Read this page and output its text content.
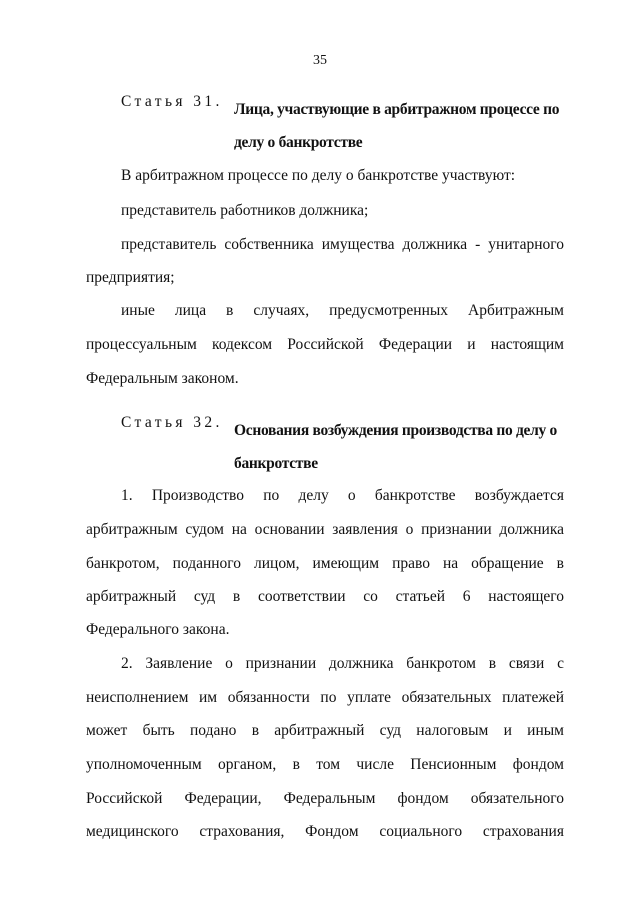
35
Статья 31. Лица, участвующие в арбитражном процессе по делу о банкротстве
В арбитражном процессе по делу о банкротстве участвуют:
представитель работников должника;
представитель собственника имущества должника - унитарного
предприятия;
иные лица в случаях, предусмотренных Арбитражным
процессуальным кодексом Российской Федерации и настоящим
Федеральным законом.
Статья 32. Основания возбуждения производства по делу о банкротстве
1. Производство по делу о банкротстве возбуждается
арбитражным судом на основании заявления о признании должника
банкротом, поданного лицом, имеющим право на обращение в
арбитражный суд в соответствии со статьей 6 настоящего
Федерального закона.
2. Заявление о признании должника банкротом в связи с
неисполнением им обязанности по уплате обязательных платежей
может быть подано в арбитражный суд налоговым и иным
уполномоченным органом, в том числе Пенсионным фондом
Российской Федерации, Федеральным фондом обязательного
медицинского страхования, Фондом социального страхования
